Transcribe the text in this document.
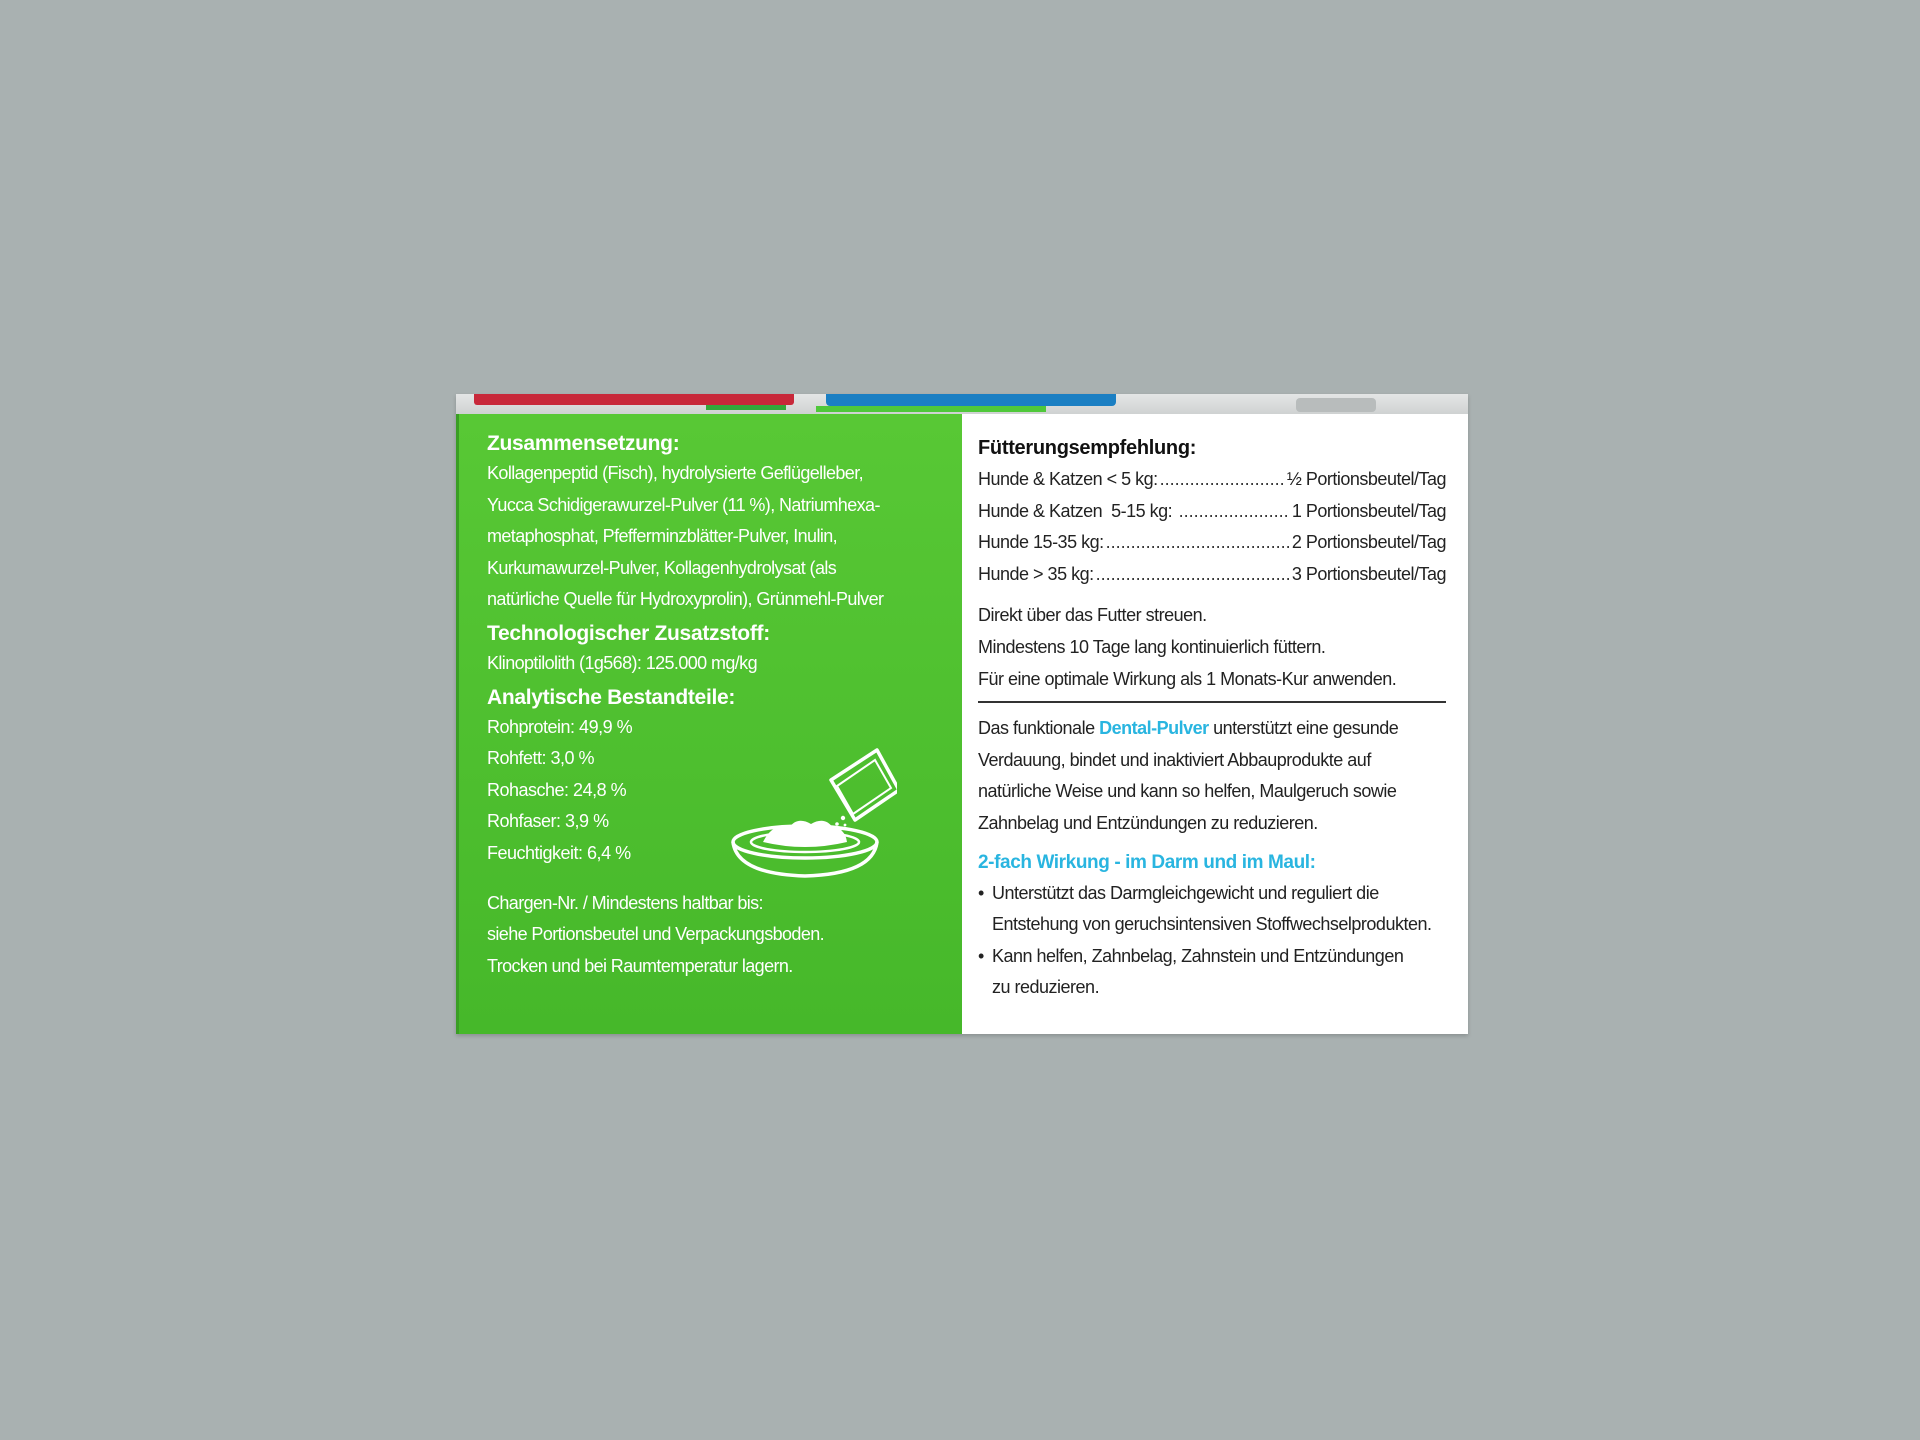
Zusammensetzung:
Kollagenpeptid (Fisch), hydrolysierte Geflügelleber,
Yucca Schidigerawurzel-Pulver (11 %), Natriumhexa-
metaphosphat, Pfefferminzblätter-Pulver, Inulin,
Kurkumawurzel-Pulver, Kollagenhydrolysat (als
natürliche Quelle für Hydroxyprolin), Grünmehl-Pulver
Technologischer Zusatzstoff:
Klinoptilolith (1g568): 125.000 mg/kg
Analytische Bestandteile:
Rohprotein: 49,9 %
Rohfett: 3,0 %
Rohasche: 24,8 %
Rohfaser: 3,9 %
Feuchtigkeit: 6,4 %
Chargen-Nr. / Mindestens haltbar bis:
siehe Portionsbeutel und Verpackungsboden.
Trocken und bei Raumtemperatur lagern.
Fütterungsempfehlung:
Hunde & Katzen < 5 kg: .....	½ Portionsbeutel/Tag
Hunde & Katzen  5-15 kg: .....	1 Portionsbeutel/Tag
Hunde 15-35 kg: .....	2 Portionsbeutel/Tag
Hunde > 35 kg: .....	3 Portionsbeutel/Tag
Direkt über das Futter streuen.
Mindestens 10 Tage lang kontinuierlich füttern.
Für eine optimale Wirkung als 1 Monats-Kur anwenden.
Das funktionale Dental-Pulver unterstützt eine gesunde
Verdauung, bindet und inaktiviert Abbauprodukte auf
natürliche Weise und kann so helfen, Maulgeruch sowie
Zahnbelag und Entzündungen zu reduzieren.
2-fach Wirkung - im Darm und im Maul:
• Unterstützt das Darmgleichgewicht und reguliert die
Entstehung von geruchsintensiven Stoffwechselprodukten.
• Kann helfen, Zahnbelag, Zahnstein und Entzündungen
zu reduzieren.
